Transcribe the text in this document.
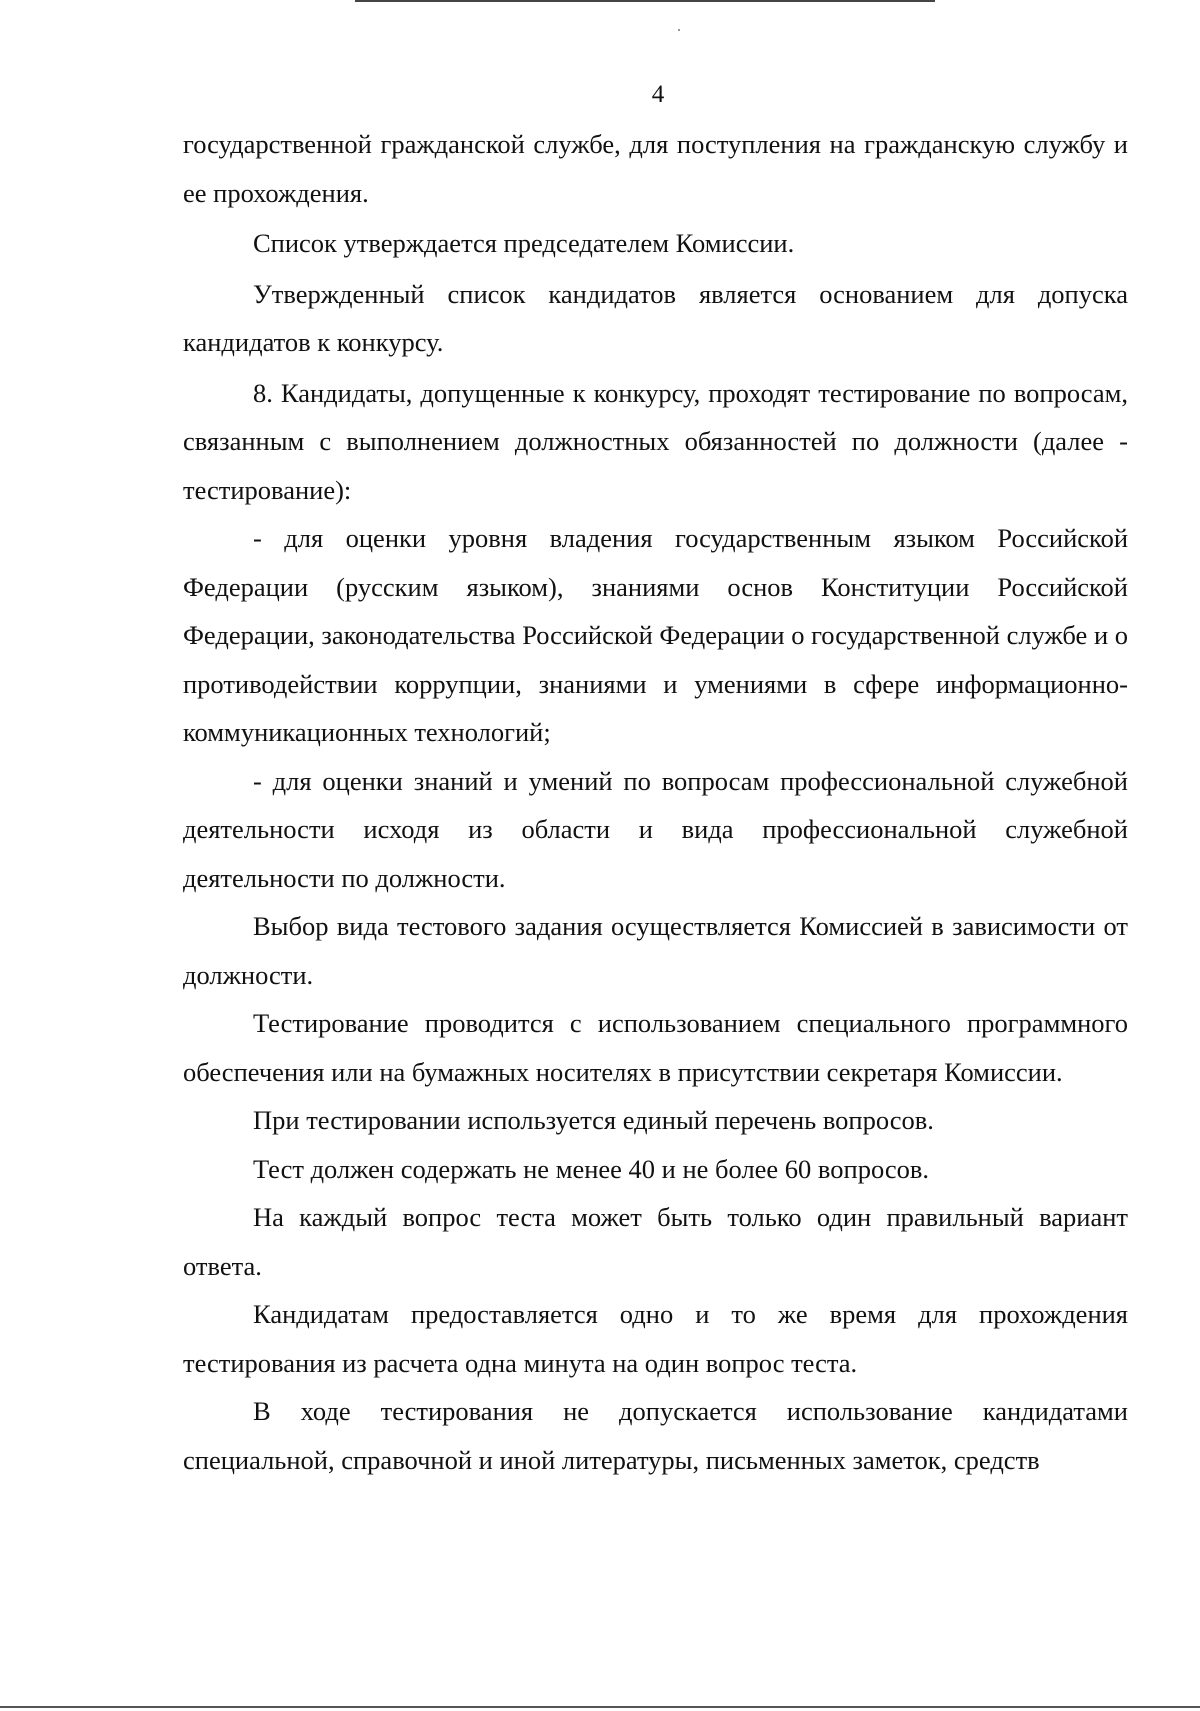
4

государственной гражданской службе, для поступления на гражданскую службу и ее прохождения.

Список утверждается председателем Комиссии.

Утвержденный список кандидатов является основанием для допуска кандидатов к конкурсу.

8. Кандидаты, допущенные к конкурсу, проходят тестирование по вопросам, связанным с выполнением должностных обязанностей по должности (далее - тестирование):

- для оценки уровня владения государственным языком Российской Федерации (русским языком), знаниями основ Конституции Российской Федерации, законодательства Российской Федерации о государственной службе и о противодействии коррупции, знаниями и умениями в сфере информационно-коммуникационных технологий;

- для оценки знаний и умений по вопросам профессиональной служебной деятельности исходя из области и вида профессиональной служебной деятельности по должности.

Выбор вида тестового задания осуществляется Комиссией в зависимости от должности.

Тестирование проводится с использованием специального программного обеспечения или на бумажных носителях в присутствии секретаря Комиссии.

При тестировании используется единый перечень вопросов.

Тест должен содержать не менее 40 и не более 60 вопросов.

На каждый вопрос теста может быть только один правильный вариант ответа.

Кандидатам предоставляется одно и то же время для прохождения тестирования из расчета одна минута на один вопрос теста.

В ходе тестирования не допускается использование кандидатами специальной, справочной и иной литературы, письменных заметок, средств
